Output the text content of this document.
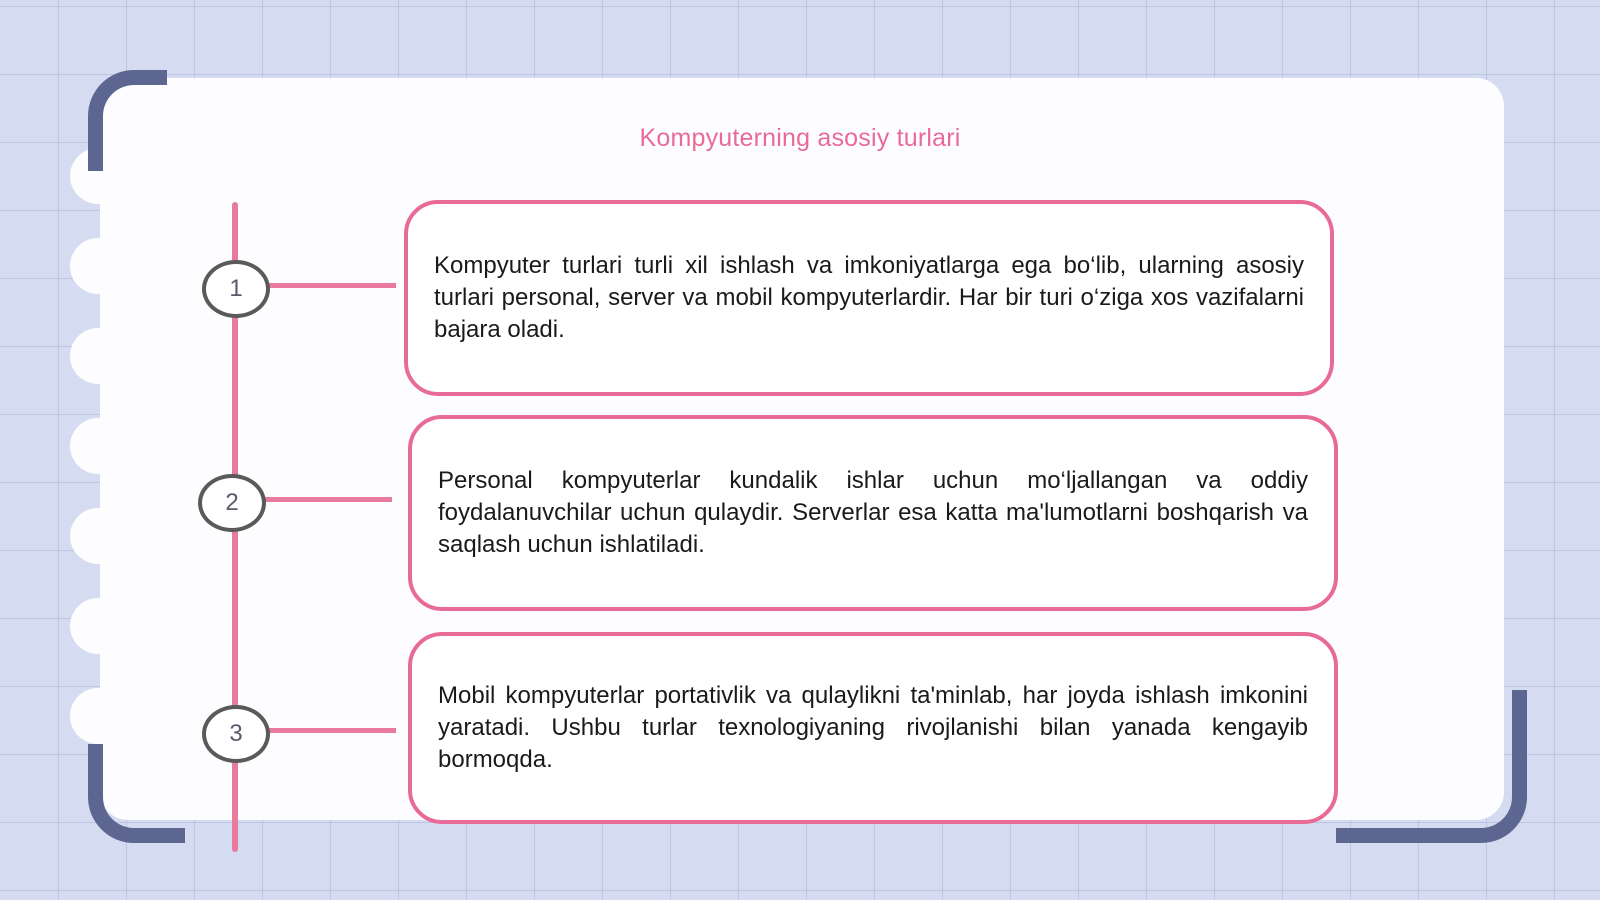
Kompyuterning asosiy turlari
1
2
3
Kompyuter turlari turli xil ishlash va imkoniyatlarga ega bo‘lib, ularning asosiy turlari personal, server va mobil kompyuterlardir. Har bir turi o‘ziga xos vazifalarni bajara oladi.
Personal kompyuterlar kundalik ishlar uchun mo‘ljallangan va oddiy foydalanuvchilar uchun qulaydir. Serverlar esa katta ma'lumotlarni boshqarish va saqlash uchun ishlatiladi.
Mobil kompyuterlar portativlik va qulaylikni ta'minlab, har joyda ishlash imkonini yaratadi. Ushbu turlar texnologiyaning rivojlanishi bilan yanada kengayib bormoqda.
